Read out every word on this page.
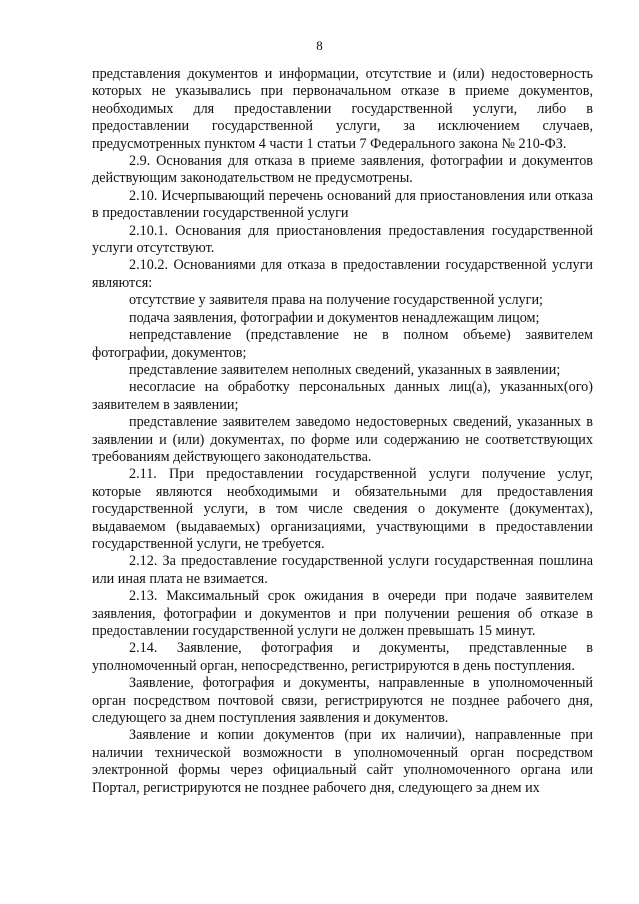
8

представления документов и информации, отсутствие и (или) недостоверность которых не указывались при первоначальном отказе в приеме документов, необходимых для предоставлении государственной услуги, либо в предоставлении государственной услуги, за исключением случаев, предусмотренных пунктом 4 части 1 статьи 7 Федерального закона № 210-ФЗ.

2.9. Основания для отказа в приеме заявления, фотографии и документов действующим законодательством не предусмотрены.

2.10. Исчерпывающий перечень оснований для приостановления или отказа в предоставлении государственной услуги

2.10.1. Основания для приостановления предоставления государственной услуги отсутствуют.

2.10.2. Основаниями для отказа в предоставлении государственной услуги являются:

отсутствие у заявителя права на получение государственной услуги;

подача заявления, фотографии и документов ненадлежащим лицом;

непредставление (представление не в полном объеме) заявителем фотографии, документов;

представление заявителем неполных сведений, указанных в заявлении;

несогласие на обработку персональных данных лиц(а), указанных(ого) заявителем в заявлении;

представление заявителем заведомо недостоверных сведений, указанных в заявлении и (или) документах, по форме или содержанию не соответствующих требованиям действующего законодательства.

2.11. При предоставлении государственной услуги получение услуг, которые являются необходимыми и обязательными для предоставления государственной услуги, в том числе сведения о документе (документах), выдаваемом (выдаваемых) организациями, участвующими в предоставлении государственной услуги, не требуется.

2.12. За предоставление государственной услуги государственная пошлина или иная плата не взимается.

2.13. Максимальный срок ожидания в очереди при подаче заявителем заявления, фотографии и документов и при получении решения об отказе в предоставлении государственной услуги не должен превышать 15 минут.

2.14. Заявление, фотография и документы, представленные в уполномоченный орган, непосредственно, регистрируются в день поступления.

Заявление, фотография и документы, направленные в уполномоченный орган посредством почтовой связи, регистрируются не позднее рабочего дня, следующего за днем поступления заявления и документов.

Заявление и копии документов (при их наличии), направленные при наличии технической возможности в уполномоченный орган посредством электронной формы через официальный сайт уполномоченного органа или Портал, регистрируются не позднее рабочего дня, следующего за днем их
